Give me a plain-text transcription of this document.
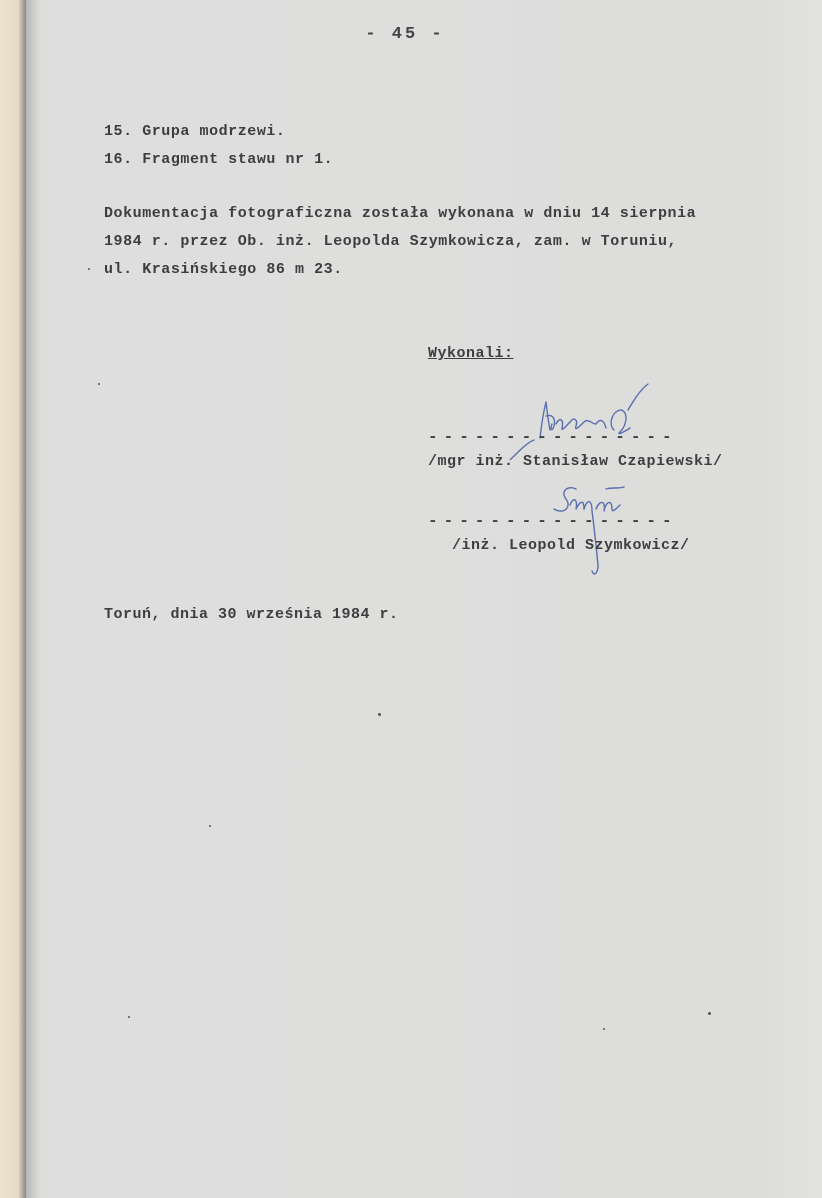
- 45 -

15. Grupa modrzewi.

16. Fragment stawu nr 1.

Dokumentacja fotograficzna została wykonana w dniu 14 sierpnia
1984 r. przez Ob. inż. Leopolda Szymkowicza, zam. w Toruniu,
ul. Krasińskiego 86 m 23.

Wykonali:

----------------

/mgr inż. Stanisław Czapiewski/

----------------

/inż. Leopold Szymkowicz/

Toruń, dnia 30 września 1984 r.
